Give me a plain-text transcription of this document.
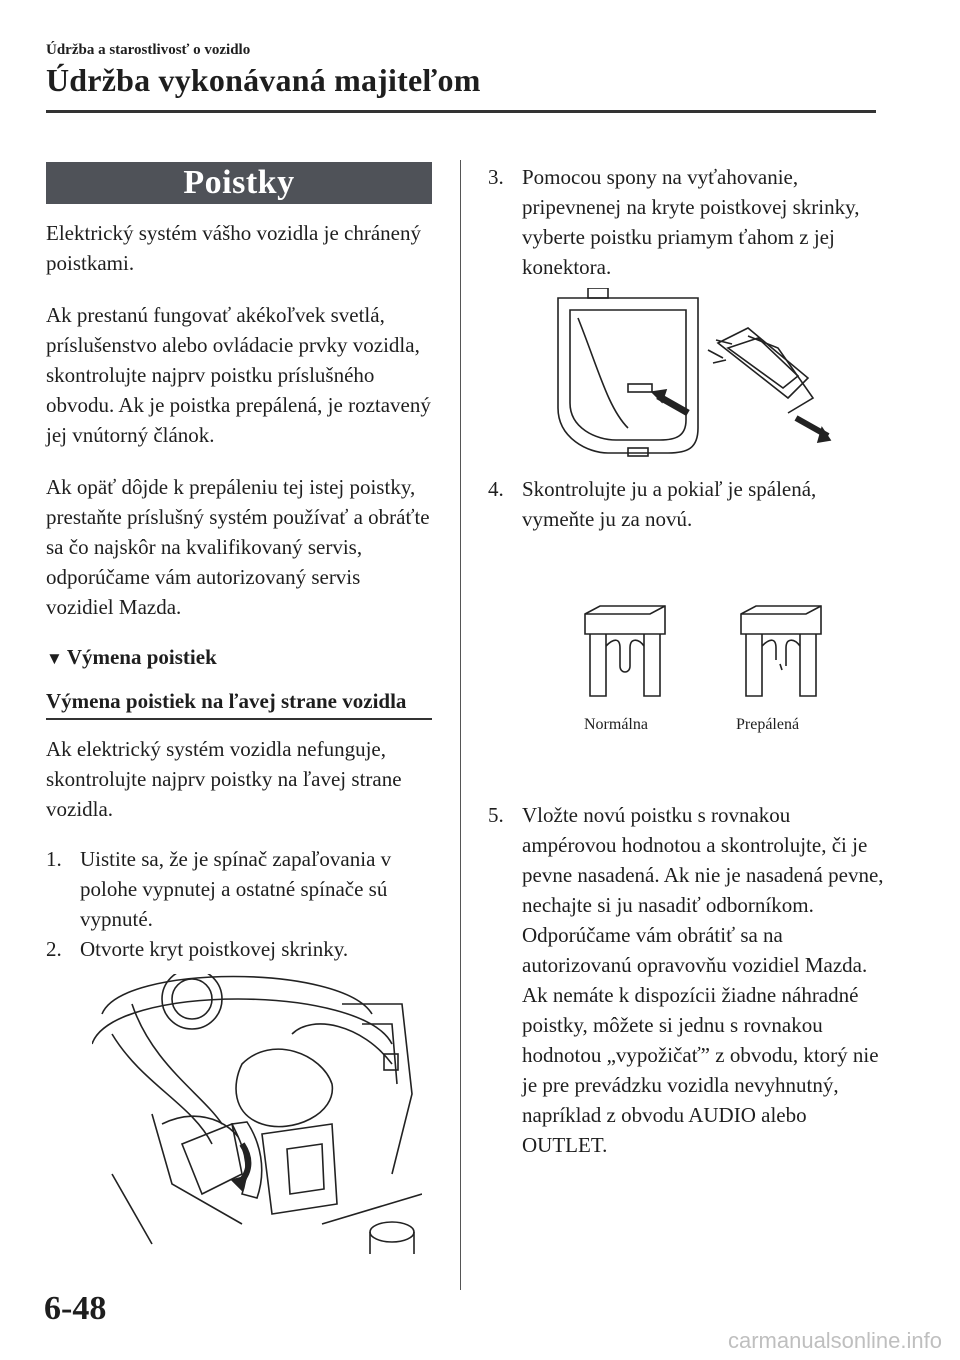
Údržba a starostlivosť o vozidlo
Údržba vykonávaná majiteľom
Poistky

Elektrický systém vášho vozidla je chránený poistkami.

Ak prestanú fungovať akékoľvek svetlá, príslušenstvo alebo ovládacie prvky vozidla, skontrolujte najprv poistku príslušného obvodu. Ak je poistka prepálená, je roztavený jej vnútorný článok.

Ak opäť dôjde k prepáleniu tej istej poistky, prestaňte príslušný systém používať a obráťte sa čo najskôr na kvalifikovaný servis, odporúčame vám autorizovaný servis vozidiel Mazda.

▼ Výmena poistiek
Výmena poistiek na ľavej strane vozidla

Ak elektrický systém vozidla nefunguje, skontrolujte najprv poistky na ľavej strane vozidla.

1. Uistite sa, že je spínač zapaľovania v polohe vypnutej a ostatné spínače sú vypnuté.
2. Otvorte kryt poistkovej skrinky.
3. Pomocou spony na vyťahovanie, pripevnenej na kryte poistkovej skrinky, vyberte poistku priamym ťahom z jej konektora.
4. Skontrolujte ju a pokiaľ je spálená, vymeňte ju za novú.
Normálna	Prepálená
5. Vložte novú poistku s rovnakou ampérovou hodnotou a skontrolujte, či je pevne nasadená. Ak nie je nasadená pevne, nechajte si ju nasadiť odborníkom. Odporúčame vám obrátiť sa na autorizovanú opravovňu vozidiel Mazda.
Ak nemáte k dispozícii žiadne náhradné poistky, môžete si jednu s rovnakou hodnotou „vypožičať” z obvodu, ktorý nie je pre prevádzku vozidla nevyhnutný, napríklad z obvodu AUDIO alebo OUTLET.
6-48
carmanualsonline.info
